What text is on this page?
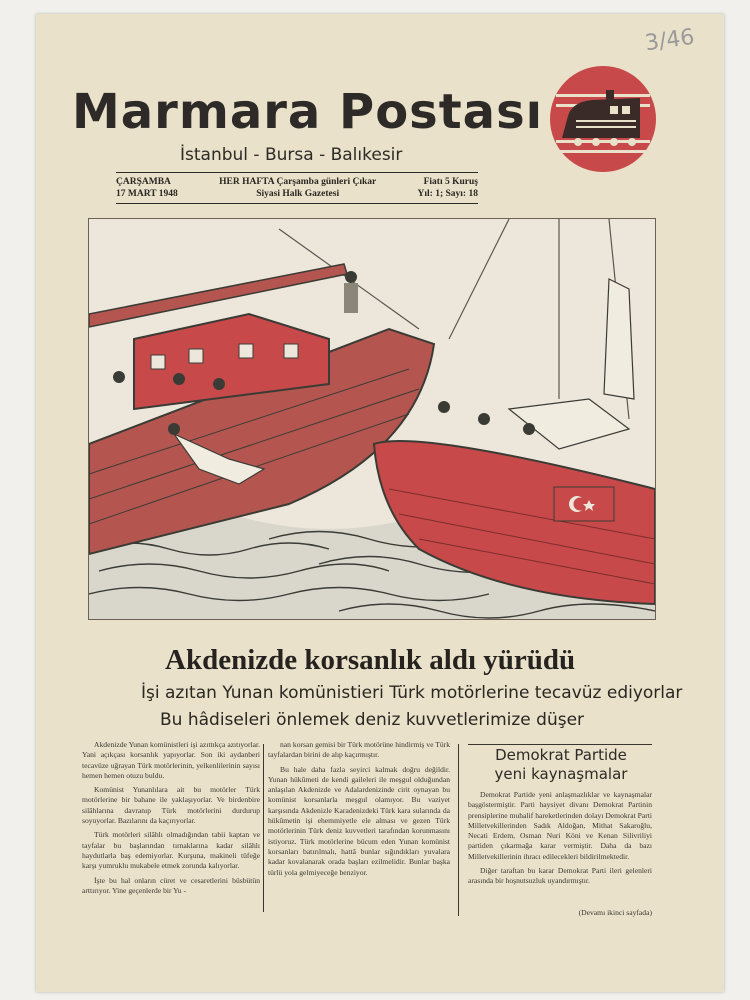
3/46
Marmara Postası
İstanbul - Bursa - Balıkesir
ÇARŞAMBA
17 MART 1948
HER HAFTA Çarşamba günleri Çıkar
Siyasi Halk Gazetesi
Fiatı 5 Kuruş
Yıl: 1; Sayı: 18
Akdenizde korsanlık aldı yürüdü
İşi azıtan Yunan komünistieri Türk motörlerine tecavüz ediyorlar
Bu hâdiseleri önlemek deniz kuvvetlerimize düşer

Akdenizde Yunan komünistleri işi azıttıkça azıtıyorlar. Yani açıkçası korsanlık yapıyorlar. Son iki aydanberi tecavüze uğrayan Türk motörlerinin, yelkenlilerinin sayısı hemen hemen otuzu buldu.

Komünist Yunanlılara ait bu motörler Türk motörlerine bir bahane ile yaklaşıyorlar. Ve birdenbire silâhlarına davranıp Türk motörlerini durdurup soyuyorlar. Bazılarını da kaçırıyorlar.

Türk motörleri silâhlı olmadığından tabii kaptan ve tayfalar bu başlarından tırnaklarına kadar silâhlı haydutlarla baş edemiyorlar. Kurşuna, makineli tüfeğe karşı yumruklu mukabele etmek zorunda kalıyorlar.

İşte bu hal onların cüret ve cesaretlerini büsbütün arttırıyor. Yine geçenlerde bir Yu -

nan korsan gemisi bir Türk motörüne hindirmiş ve Türk tayfalardan birini de alıp kaçırmıştır.

Bu hale daha fazla seyirci kalmak doğru değildir. Yunan hükûmeti de kendi gaileleri ile meşgul olduğundan anlaşılan Akdenizde ve Adalardenizinde cirit oynayan bu komünist korsanlarla meşgul olamıyor. Bu vaziyet karşısında Akdenizle Karadenizdeki Türk kara sularında da hükûmetin işi ehemmiyetle ele alması ve gezen Türk motörlerinin Türk deniz kuvvetleri tarafından korunmasını istiyoruz. Türk motörlerine bücum eden Yunan komünist korsanları batırılmalı, hattâ bunlar sığındıkları yuvalara kadar kovalanarak orada başları ezilmelidir. Bunlar başka türlü yola gelmiyeceğe benziyor.

Demokrat Partide
yeni kaynaşmalar

Demokrat Partide yeni anlaşmazlıklar ve kaynaşmalar başgöstermiştir. Parti haysiyet divanı Demokrat Partinin prensiplerine muhalif hareketlerinden dolayı Demokrat Parti Milletvekillerinden Sadık Aldoğan, Mithat Sakaroğlu, Necati Erdem, Osman Nuri Köni ve Kenan Silivriliyi partiden çıkarmağa karar vermiştir. Daha da bazı Milletvekillerinin ihracı edilecekleri bildirilmektedir.

Diğer taraftan bu karar Demokrat Parti ileri gelenleri arasında bir hoşnutsuzluk uyandırmıştır.

(Devamı ikinci sayfada)
